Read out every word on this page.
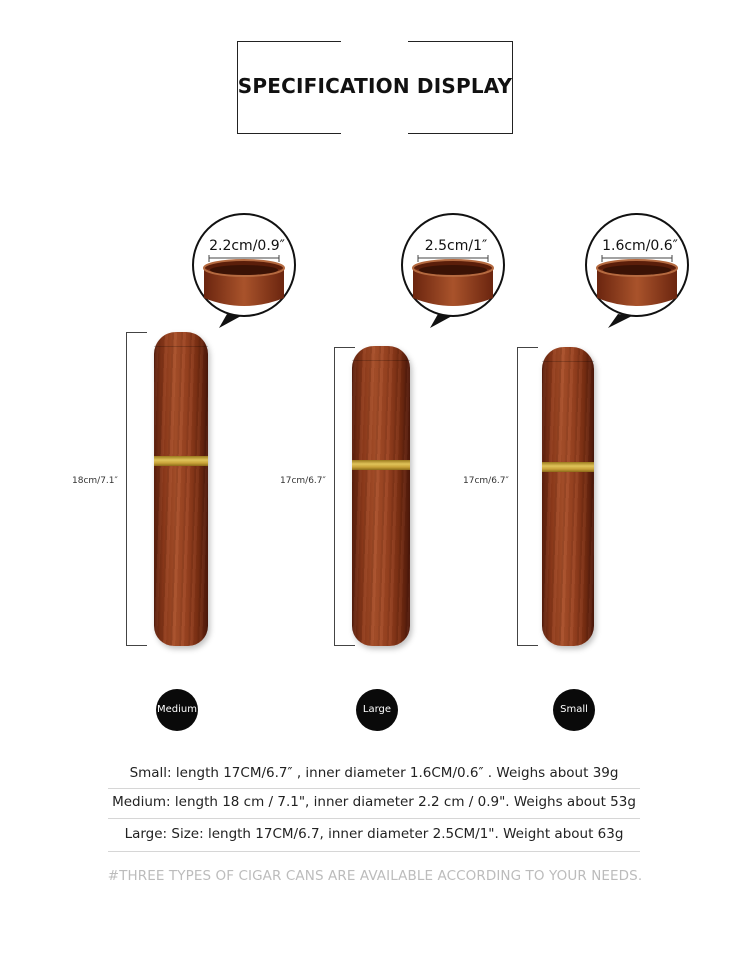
SPECIFICATION DISPLAY
2.2cm/0.9″
18cm/7.1″
Medium
2.5cm/1″
17cm/6.7″
Large
1.6cm/0.6″
17cm/6.7″
Small
Small: length 17CM/6.7″ , inner diameter 1.6CM/0.6″ . Weighs about 39g
Medium: length 18 cm / 7.1", inner diameter 2.2 cm / 0.9". Weighs about 53g
Large: Size: length 17CM/6.7, inner diameter 2.5CM/1". Weight about 63g
#THREE TYPES OF CIGAR CANS ARE AVAILABLE ACCORDING TO YOUR NEEDS.
